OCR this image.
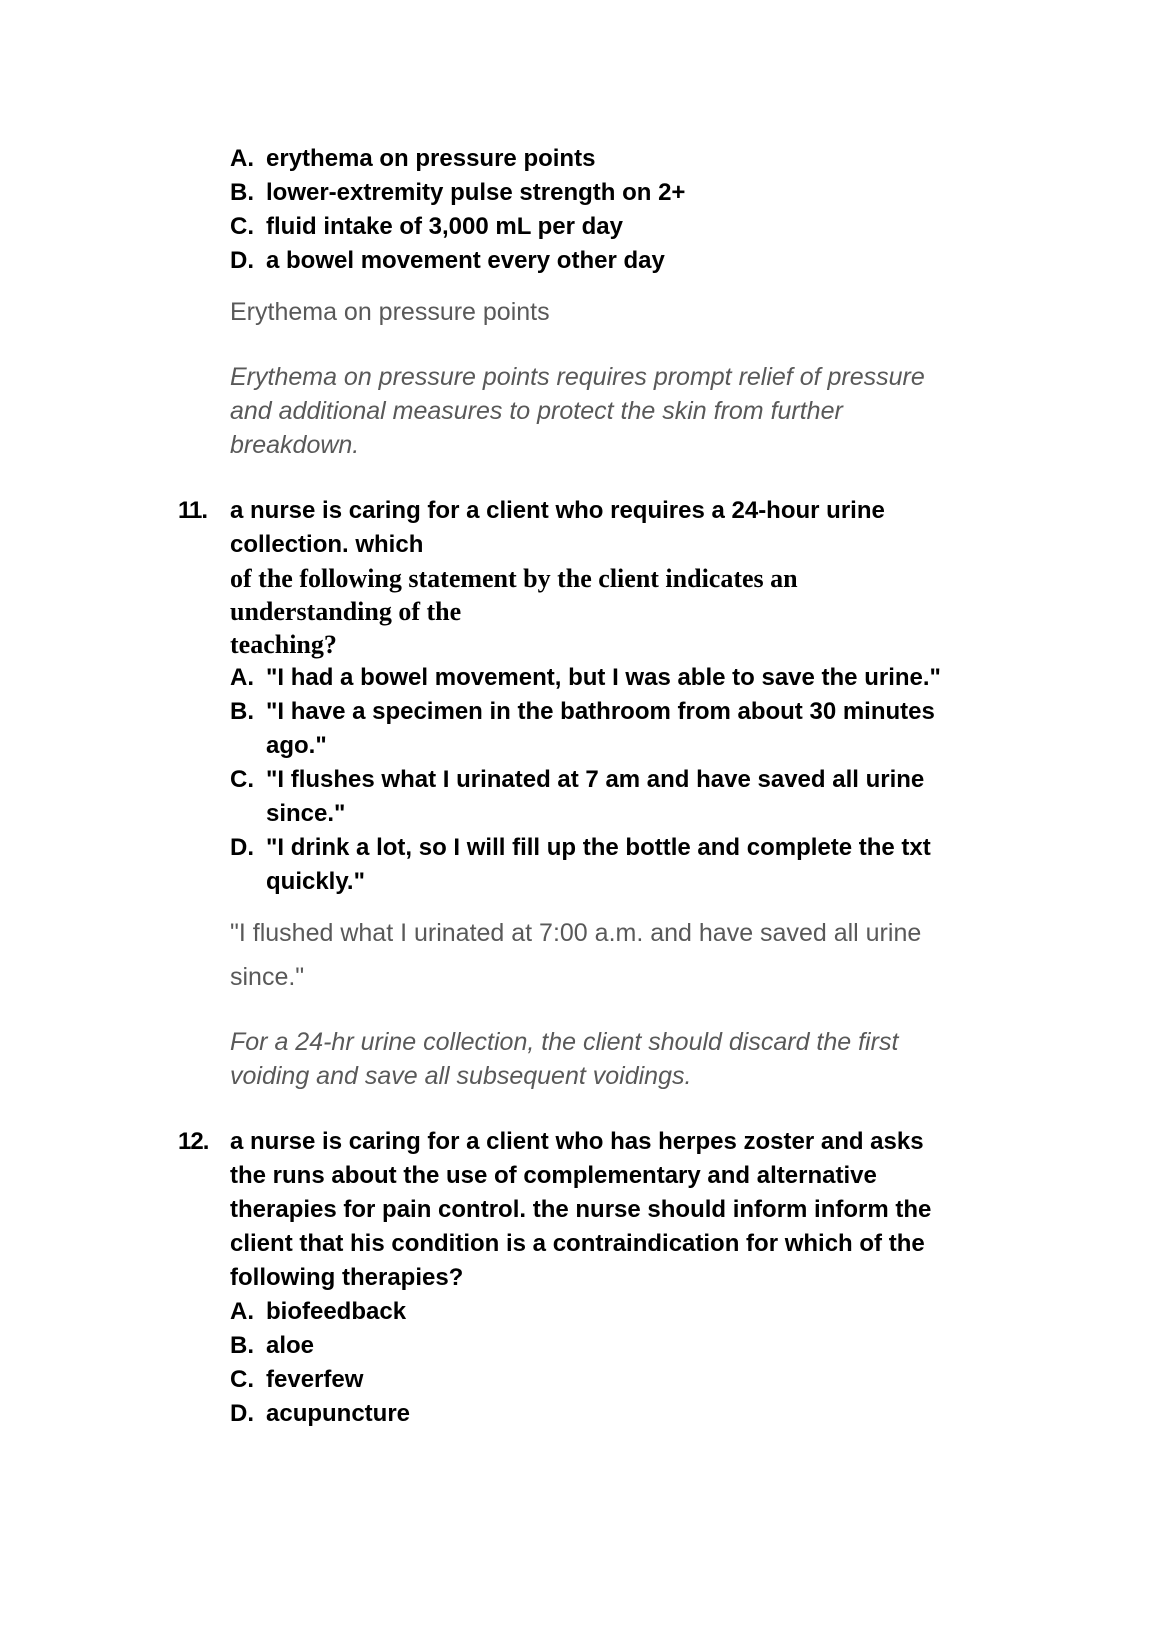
A. erythema on pressure points
B. lower-extremity pulse strength on 2+
C. fluid intake of 3,000 mL per day
D. a bowel movement every other day

Erythema on pressure points

Erythema on pressure points requires prompt relief of pressure and additional measures to protect the skin from further breakdown.

11. a nurse is caring for a client who requires a 24-hour urine collection. which
of the following statement by the client indicates an understanding of the
teaching?
A. "I had a bowel movement, but I was able to save the urine."
B. "I have a specimen in the bathroom from about 30 minutes ago."
C. "I flushes what I urinated at 7 am and have saved all urine since."
D. "I drink a lot, so I will fill up the bottle and complete the txt quickly."

"I flushed what I urinated at 7:00 a.m. and have saved all urine since."

For a 24-hr urine collection, the client should discard the first voiding and save all subsequent voidings.

12. a nurse is caring for a client who has herpes zoster and asks the runs about the use of complementary and alternative therapies for pain control. the nurse should inform inform the client that his condition is a contraindication for which of the following therapies?
A. biofeedback
B. aloe
C. feverfew
D. acupuncture
